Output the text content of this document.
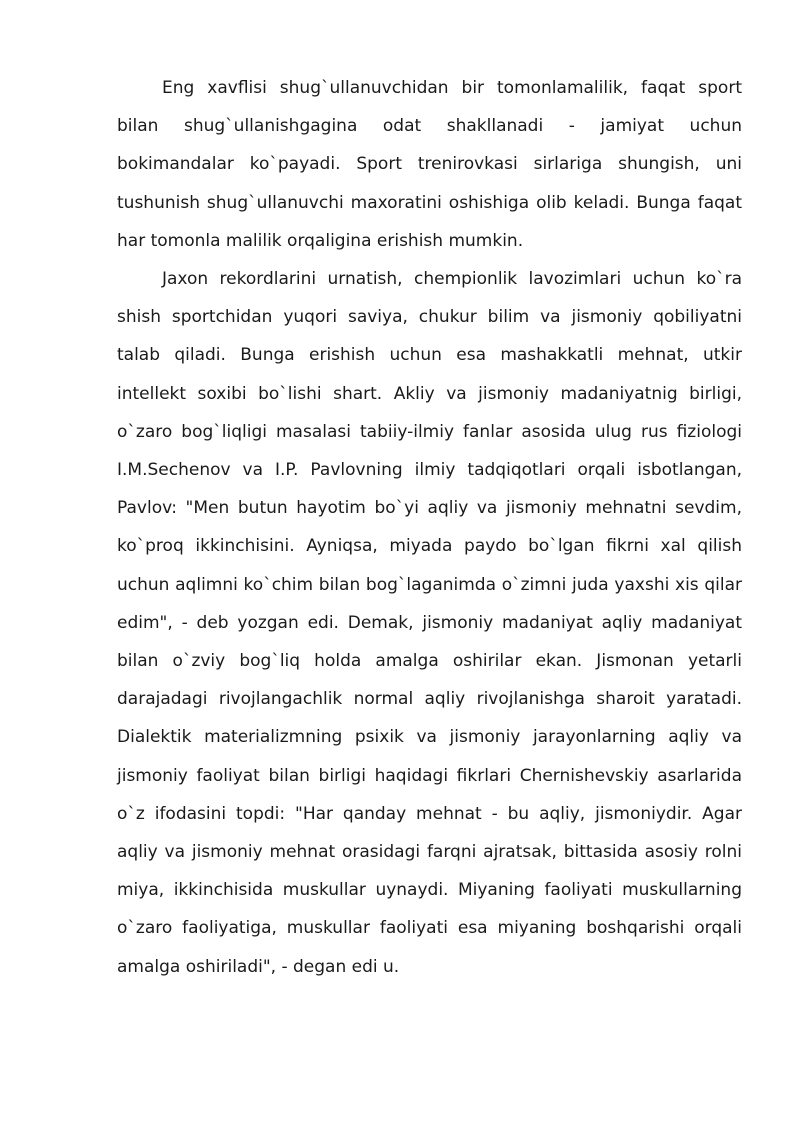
Eng xavflisi shug`ullanuvchidan bir tomonlamalilik, faqat sport bilan shug`ullanishgagina odat shakllanadi - jamiyat uchun bokimandalar ko`payadi. Sport trenirovkasi sirlariga shungish, uni tushunish shug`ullanuvchi maxoratini oshishiga olib keladi. Bunga faqat har tomonla malilik orqaligina erishish mumkin.

Jaxon rekordlarini urnatish, chempionlik lavozimlari uchun ko`ra shish sportchidan yuqori saviya, chukur bilim va jismoniy qobiliyatni talab qiladi. Bunga erishish uchun esa mashakkatli mehnat, utkir intellekt soxibi bo`lishi shart. Akliy va jismoniy madaniyatnig birligi, o`zaro bog`liqligi masalasi tabiiy-ilmiy fanlar asosida ulug rus fiziologi I.M.Sechenov va I.P. Pavlovning ilmiy tadqiqotlari orqali isbotlangan, Pavlov: "Men butun hayotim bo`yi aqliy va jismoniy mehnatni sevdim, ko`proq ikkinchisini. Ayniqsa, miyada paydo bo`lgan fikrni xal qilish uchun aqlimni ko`chim bilan bog`laganimda o`zimni juda yaxshi xis qilar edim", - deb yozgan edi. Demak, jismoniy madaniyat aqliy madaniyat bilan o`zviy bog`liq holda amalga oshirilar ekan. Jismonan yetarli darajadagi rivojlangachlik normal aqliy rivojlanishga sharoit yaratadi. Dialektik materializmning psixik va jismoniy jarayonlarning aqliy va jismoniy faoliyat bilan birligi haqidagi fikrlari Chernishevskiy asarlarida o`z ifodasini topdi: "Har qanday mehnat - bu aqliy, jismoniydir. Agar aqliy va jismoniy mehnat orasidagi farqni ajratsak, bittasida asosiy rolni miya, ikkinchisida muskullar uynaydi. Miyaning faoliyati muskullarning o`zaro faoliyatiga, muskullar faoliyati esa miyaning boshqarishi orqali amalga oshiriladi", - degan edi u.
